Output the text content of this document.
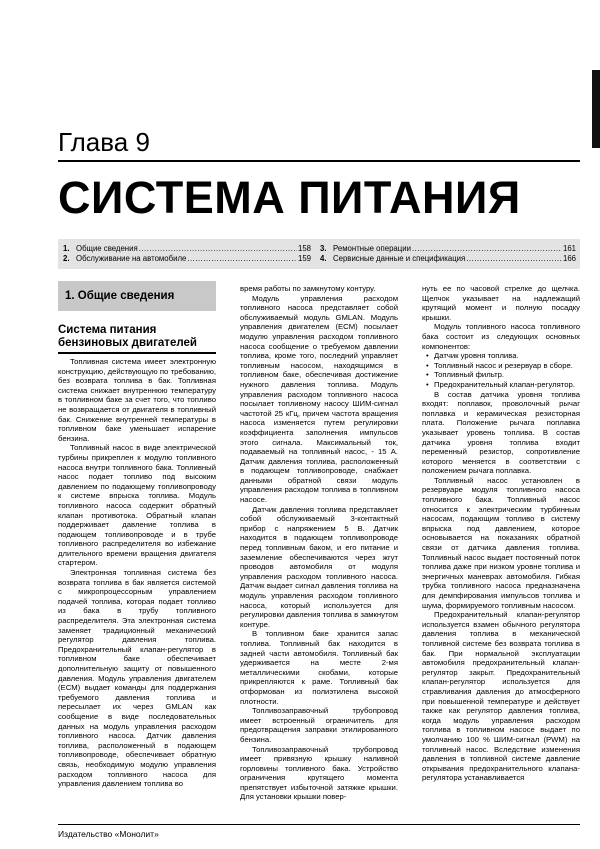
Глава 9
СИСТЕМА ПИТАНИЯ
1. Общие сведения .....	158
2. Обслуживание на автомобиле .....	159
3. Ремонтные операции .....	161
4. Сервисные данные и спецификация .....	166
1. Общие сведения
Система питания бензиновых двигателей

Топливная система имеет электронную конструкцию, действующую по требованию, без возврата топлива в бак. Топливная система снижает внутреннюю температуру в топливном баке за счет того, что топливо не возвращается от двигателя в топливный бак. Снижение внутренней температуры в топливном баке уменьшает испарение бензина.

Топливный насос в виде электрической турбины прикреплен к модулю топливного насоса внутри топливного бака. Топливный насос подает топливо под высоким давлением по подающему топливопроводу к системе впрыска топлива. Модуль топливного насоса содержит обратный клапан противотока. Обратный клапан поддерживает давление топлива в подающем топливопроводе и в трубе топливного распределителя во избежание длительного времени вращения двигателя стартером.

Электронная топливная система без возврата топлива в бак является системой с микропроцессорным управлением подачей топлива, которая подает топливо из бака в трубу топливного распределителя. Эта электронная система заменяет традиционный механический регулятор давления топлива. Предохранительный клапан-регулятор в топливном баке обеспечивает дополнительную защиту от повышенного давления. Модуль управления двигателем (ECM) выдает команды для поддержания требуемого давления топлива и пересылает их через GMLAN как сообщение в виде последовательных данных на модуль управления расходом топливного насоса. Датчик давления топлива, расположенный в подающем топливопроводе, обеспечивает обратную связь, необходимую модулю управления расходом топливного насоса для управления давлением топлива во

время работы по замкнутому контуру.

Модуль управления расходом топливного насоса представляет собой обслуживаемый модуль GMLAN. Модуль управления двигателем (ECM) посылает модулю управления расходом топливного насоса сообщение о требуемом давлении топлива, кроме того, последний управляет топливным насосом, находящимся в топливном баке, обеспечивая достижение нужного давления топлива. Модуль управления расходом топливного насоса посылает топливному насосу ШИМ-сигнал частотой 25 кГц, причем частота вращения насоса изменяется путем регулировки коэффициента заполнения импульсов этого сигнала. Максимальный ток, подаваемый на топливный насос, - 15 А. Датчик давления топлива, расположенный в подающем топливопроводе, снабжает данными обратной связи модуль управления расходом топлива в топливном насосе.

Датчик давления топлива представляет собой обслуживаемый 3-контактный прибор с напряжением 5 В. Датчик находится в подающем топливопроводе перед топливным баком, и его питание и заземление обеспечиваются через жгут проводов автомобиля от модуля управления расходом топливного насоса. Датчик выдает сигнал давления топлива на модуль управления расходом топливного насоса, который используется для регулировки давления топлива в замкнутом контуре.

В топливном баке хранится запас топлива. Топливный бак находится в задней части автомобиля. Топливный бак удерживается на месте 2-мя металлическими скобами, которые прикрепляются к раме. Топливный бак отформован из полиэтилена высокой плотности.

Топливозаправочный трубопровод имеет встроенный ограничитель для предотвращения заправки этилированного бензина.

Топливозаправочный трубопровод имеет привязную крышку наливной горловины топливного бака. Устройство ограничения крутящего момента препятствует избыточной затяжке крышки. Для установки крышки повер-

нуть ее по часовой стрелке до щелчка. Щелчок указывает на надлежащий крутящий момент и полную посадку крышки.

Модуль топливного насоса топливного бака состоит из следующих основных компонентов:

• Датчик уровня топлива.
• Топливный насос и резервуар в сборе.
• Топливный фильтр.
• Предохранительный клапан-регулятор.

В состав датчика уровня топлива входят: поплавок, проволочный рычаг поплавка и керамическая резисторная плата. Положение рычага поплавка указывает уровень топлива. В состав датчика уровня топлива входит переменный резистор, сопротивление которого меняется в соответствии с положением рычага поплавка.

Топливный насос установлен в резервуаре модуля топливного насоса топливного бака. Топливный насос относится к электрическим турбинным насосам, подающим топливо в систему впрыска под давлением, которое основывается на показаниях обратной связи от датчика давления топлива. Топливный насос выдает постоянный поток топлива даже при низком уровне топлива и энергичных маневрах автомобиля. Гибкая трубка топливного насоса предназначена для демпфирования импульсов топлива и шума, формируемого топливным насосом.

Предохранительный клапан-регулятор используется взамен обычного регулятора давления топлива в механической топливной системе без возврата топлива в бак. При нормальной эксплуатации автомобиля предохранительный клапан-регулятор закрыт. Предохранительный клапан-регулятор используется для стравливания давления до атмосферного при повышенной температуре и действует также как регулятор давления топлива, когда модуль управления расходом топлива в топливном насосе выдает по умолчанию 100 % ШИМ-сигнал (PWM) на топливный насос. Вследствие изменения давления в топливной системе давление открывания предохранительного клапана-регулятора устанавливается

Издательство «Монолит»
